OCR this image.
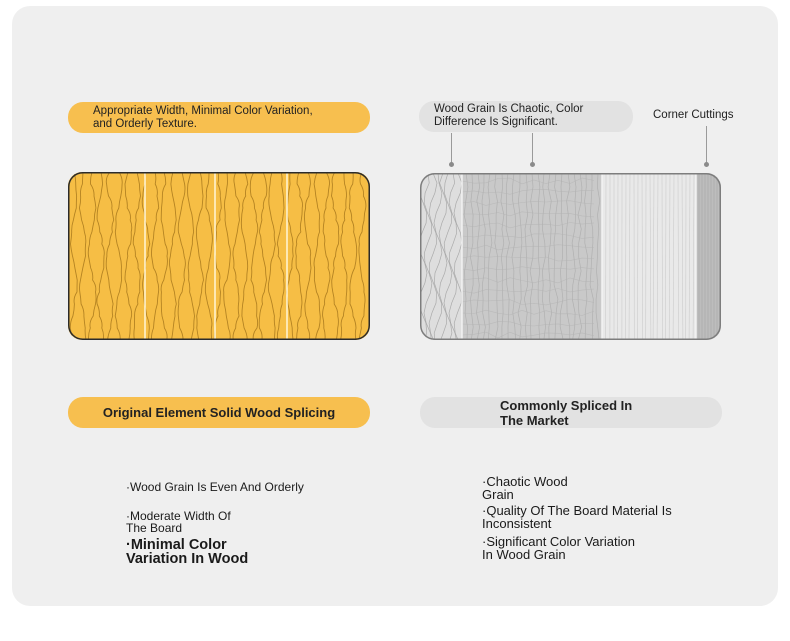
Appropriate Width, Minimal Color Variation,
and Orderly Texture.
Original Element Solid Wood Splicing
·Wood Grain Is Even And Orderly
·Moderate Width Of
The Board
·Minimal Color
Variation In Wood
Wood Grain Is Chaotic, Color
Difference Is Significant.
Corner Cuttings
Commonly Spliced In
The Market
·Chaotic Wood
Grain
·Quality Of The Board Material Is
Inconsistent
·Significant Color Variation
In Wood Grain
